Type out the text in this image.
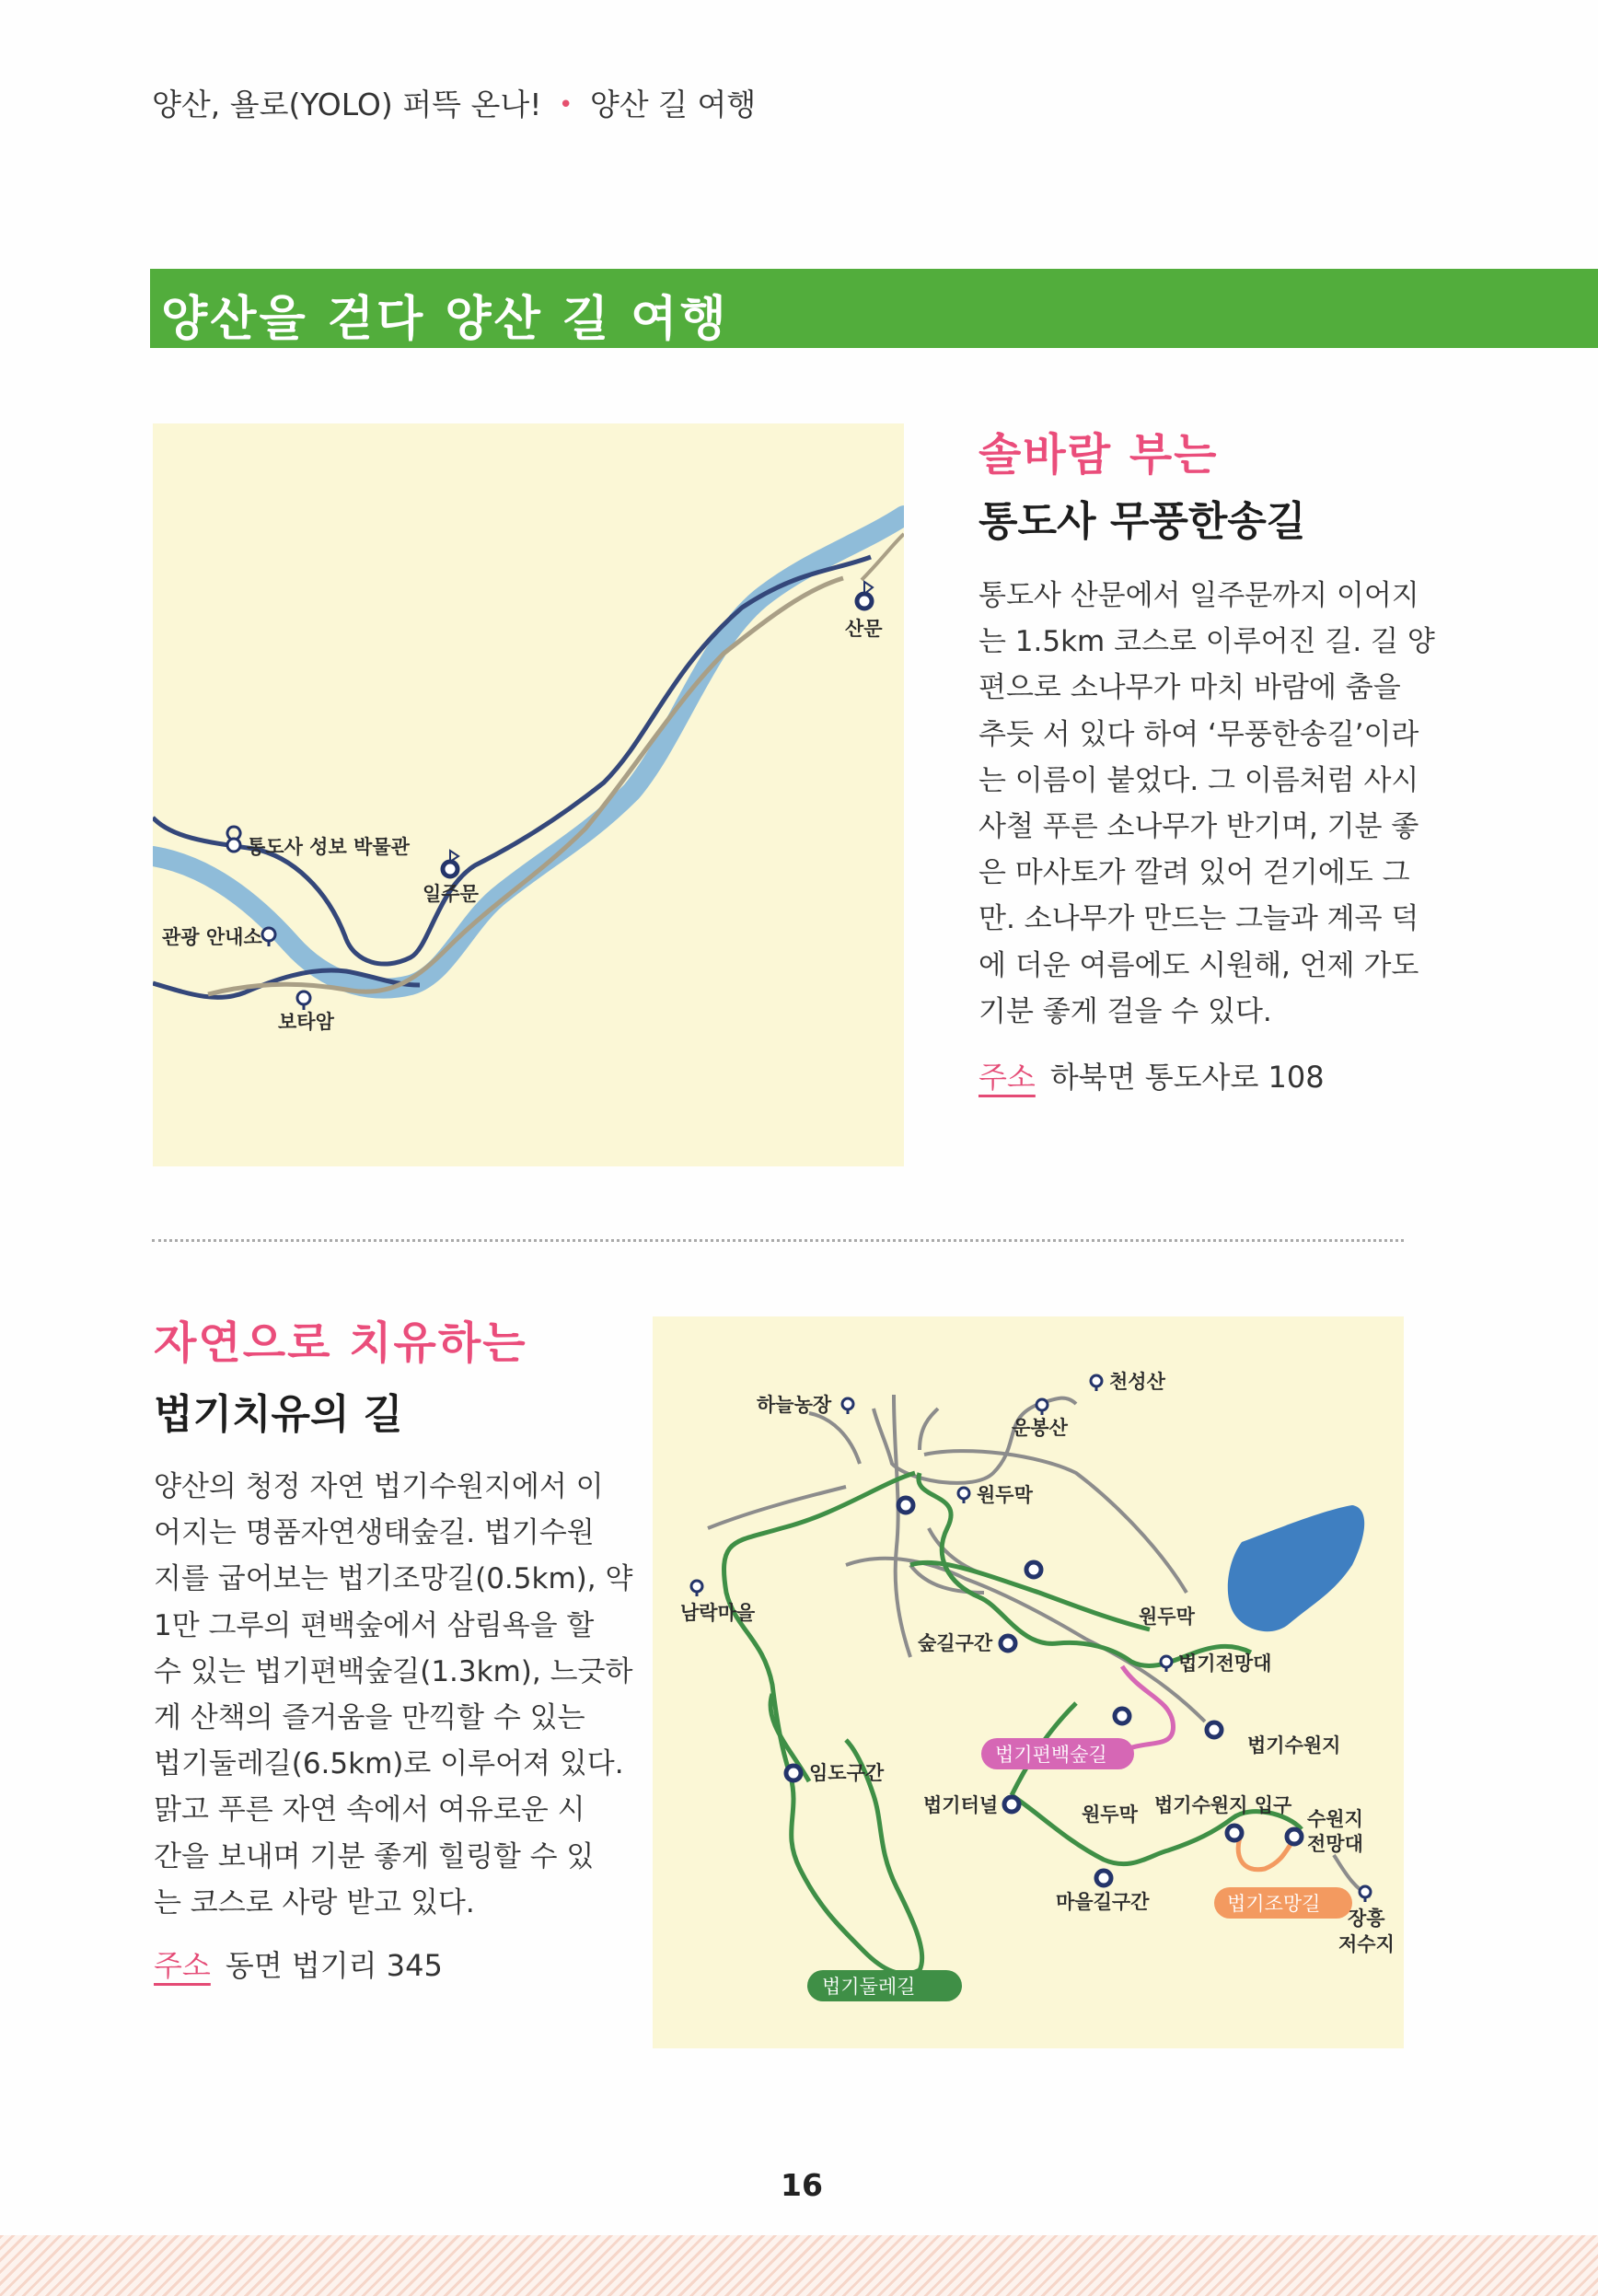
양산, 욜로(YOLO) 퍼뜩 온나! • 양산 길 여행
양산을 걷다 양산 길 여행
산문
일주문
통도사 성보 박물관
관광 안내소
보타암
솔바람 부는
통도사 무풍한송길
통도사 산문에서 일주문까지 이어지
는 1.5km 코스로 이루어진 길. 길 양
편으로 소나무가 마치 바람에 춤을
추듯 서 있다 하여 ‘무풍한송길’이라
는 이름이 붙었다. 그 이름처럼 사시
사철 푸른 소나무가 반기며, 기분 좋
은 마사토가 깔려 있어 걷기에도 그
만. 소나무가 만드는 그늘과 계곡 덕
에 더운 여름에도 시원해, 언제 가도
기분 좋게 걸을 수 있다.
주소 하북면 통도사로 108
자연으로 치유하는
법기치유의 길
양산의 청정 자연 법기수원지에서 이
어지는 명품자연생태숲길. 법기수원
지를 굽어보는 법기조망길(0.5km), 약
1만 그루의 편백숲에서 삼림욕을 할
수 있는 법기편백숲길(1.3km), 느긋하
게 산책의 즐거움을 만끽할 수 있는
법기둘레길(6.5km)로 이루어져 있다.
맑고 푸른 자연 속에서 여유로운 시
간을 보내며 기분 좋게 힐링할 수 있
는 코스로 사랑 받고 있다.
주소 동면 법기리 345
천성산
하늘농장
운봉산
원두막
남락마을
숲길구간
원두막
법기전망대
법기수원지
임도구간
법기터널	원두막 법기수원지 입구
수원지
전망대
마을길구간
장흥
저수지
법기편백숲길
법기조망길
법기둘레길
16
